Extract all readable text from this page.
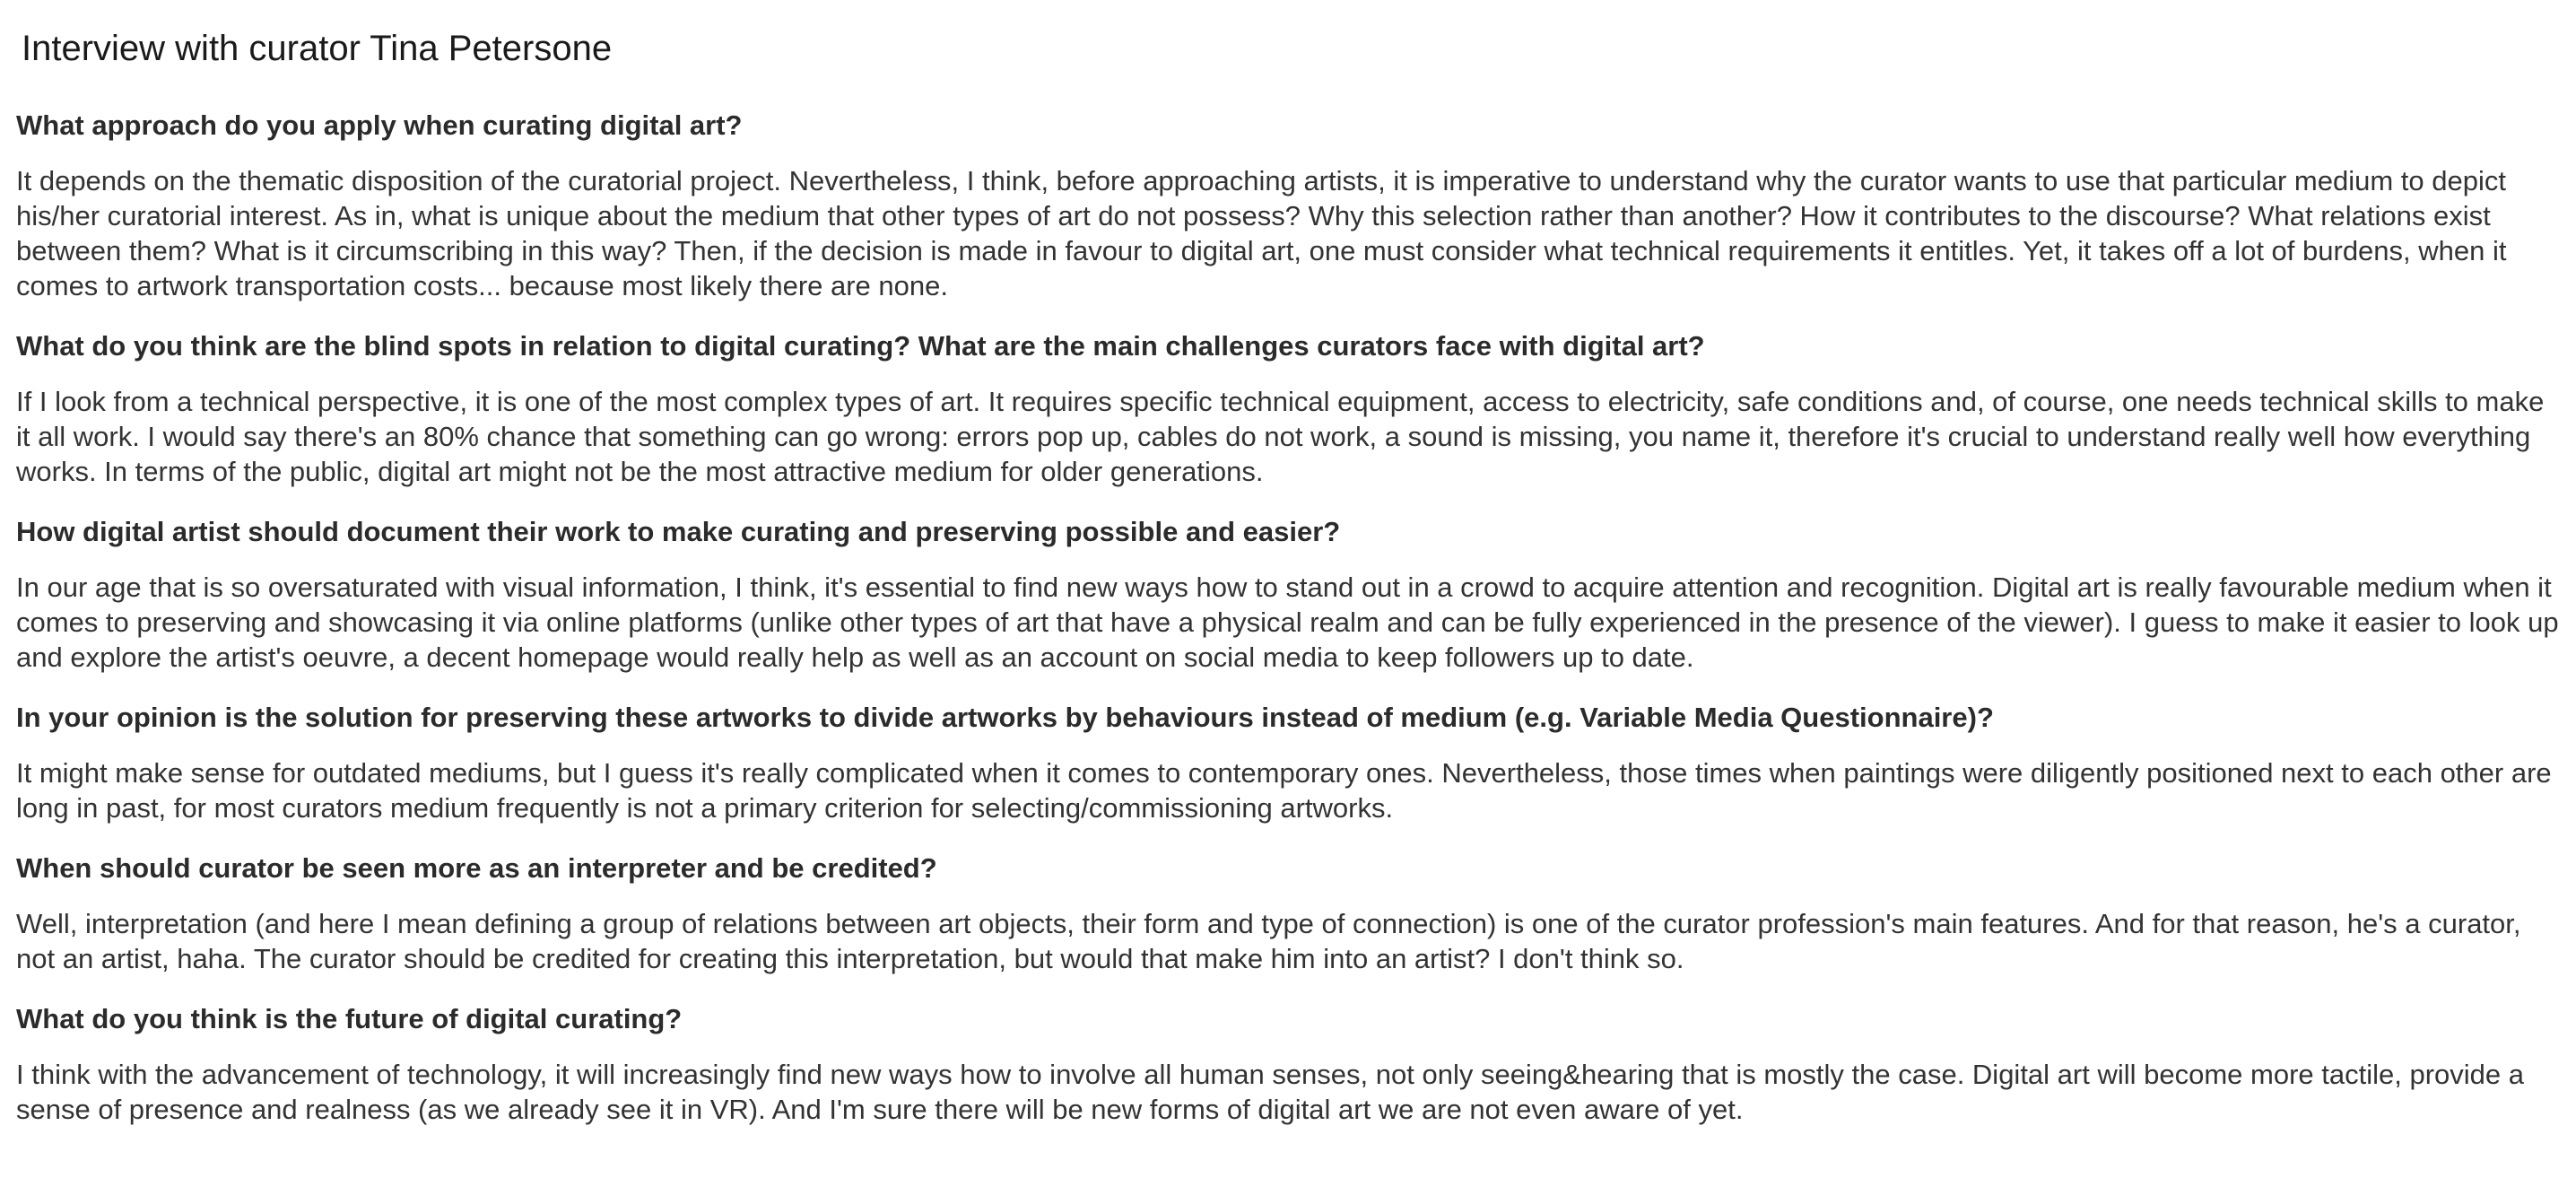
Interview with curator Tina Petersone

What approach do you apply when curating digital art?

It depends on the thematic disposition of the curatorial project. Nevertheless, I think, before approaching artists, it is imperative to understand why the curator wants to use that particular medium to depict his/her curatorial interest. As in, what is unique about the medium that other types of art do not possess? Why this selection rather than another? How it contributes to the discourse? What relations exist between them? What is it circumscribing in this way? Then, if the decision is made in favour to digital art, one must consider what technical requirements it entitles. Yet, it takes off a lot of burdens, when it comes to artwork transportation costs... because most likely there are none.

What do you think are the blind spots in relation to digital curating? What are the main challenges curators face with digital art?

If I look from a technical perspective, it is one of the most complex types of art. It requires specific technical equipment, access to electricity, safe conditions and, of course, one needs technical skills to make it all work. I would say there's an 80% chance that something can go wrong: errors pop up, cables do not work, a sound is missing, you name it, therefore it's crucial to understand really well how everything works. In terms of the public, digital art might not be the most attractive medium for older generations.

How digital artist should document their work to make curating and preserving possible and easier?

In our age that is so oversaturated with visual information, I think, it's essential to find new ways how to stand out in a crowd to acquire attention and recognition. Digital art is really favourable medium when it comes to preserving and showcasing it via online platforms (unlike other types of art that have a physical realm and can be fully experienced in the presence of the viewer). I guess to make it easier to look up and explore the artist's oeuvre, a decent homepage would really help as well as an account on social media to keep followers up to date.

In your opinion is the solution for preserving these artworks to divide artworks by behaviours instead of medium (e.g. Variable Media Questionnaire)?

It might make sense for outdated mediums, but I guess it's really complicated when it comes to contemporary ones. Nevertheless, those times when paintings were diligently positioned next to each other are long in past, for most curators medium frequently is not a primary criterion for selecting/commissioning artworks.

When should curator be seen more as an interpreter and be credited?

Well, interpretation (and here I mean defining a group of relations between art objects, their form and type of connection) is one of the curator profession's main features. And for that reason, he's a curator, not an artist, haha. The curator should be credited for creating this interpretation, but would that make him into an artist? I don't think so.

What do you think is the future of digital curating?

I think with the advancement of technology, it will increasingly find new ways how to involve all human senses, not only seeing&hearing that is mostly the case. Digital art will become more tactile, provide a sense of presence and realness (as we already see it in VR). And I'm sure there will be new forms of digital art we are not even aware of yet.
